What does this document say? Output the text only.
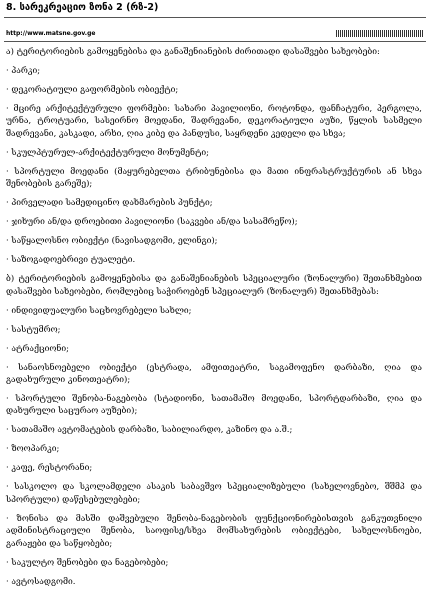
8. სარეკრეაციო ზონა 2 (რზ-2)
http://www.matsne.gov.ge

ა) ტერიტორიების გამოყენებისა და განაშენიანების ძირითადი დასაშვები სახეობები:

· პარკი;

· დეკორატიული გაფორმების ობიექტი;

· მცირე არქიტექტურული ფორმები: სახარი პავილიონი, როტონდა, ფანჩატური, პერგოლა, ურნა, ტროტუარი, სასეირნო მოედანი, შადრევანი, დეკორატიული აუზი, წყლის სასმელი შადრევანი, კასკადი, არხი, ღია კიბე და პანდუსი, საყრდენი კედელი და სხვა;

· სკულპტურულ-არქიტექტურული მონუმენტი;

· სპორტული მოედანი (მაყურებელთა ტრიბუნებისა და მათი ინფრასტრუქტურის ან სხვა შენობების გარეშე);

· პირველადი სამედიცინო დახმარების პუნქტი;

· ჯიხური ან/და დროებითი პავილიონი (საკვები ან/და სასამრეწო);

· საწყალოსნო ობიექტი (ნავისადგომი, ელინგი);

· საზოგადოებრივი ტუალეტი.

ბ) ტერიტორიების გამოყენებისა და განაშენიანების სპეციალური (ზონალური) შეთანხმებით დასაშვები სახეობები, რომლებიც საჭიროებენ სპეციალურ (ზონალურ) შეთანხმებას:

· ინდივიდუალური საცხოვრებელი სახლი;

· სასტუმრო;

· ატრაქციონი;

· სანაოსნოებელი ობიექტი (ესტრადა, ამფითეატრი, საგამოფენო დარბაზი, ღია და გადახურული კინოთეატრი);

· სპორტული შენობა-ნაგებობა (სტადიონი, სათამაშო მოედანი, სპორტდარბაზი, ღია და დახურული საცურაო აუზები);

· სათამაშო ავტომატების დარბაზი, საბილიარდო, კაზინო და ა.შ.;

· ზოოპარკი;

· კაფე, რესტორანი;

· სასკოლო და სკოლამდელი ასაკის საბავშვო სპეციალიზებული (სახელოვნებო, შშმპ და სპორტული) დაწესებულებები;

· ზონისა და მასში დაშვებული შენობა-ნაგებობის ფუნქციონირებისთვის განკუთვნილი ადმინისტრაციული შენობა, საოფისე/სხვა მომსახურების ობიექტები, სახელოსნოები, გარაჟები და საწყობები;

· საკულტო შენობები და ნაგებობები;

· ავტოსადგომი.
